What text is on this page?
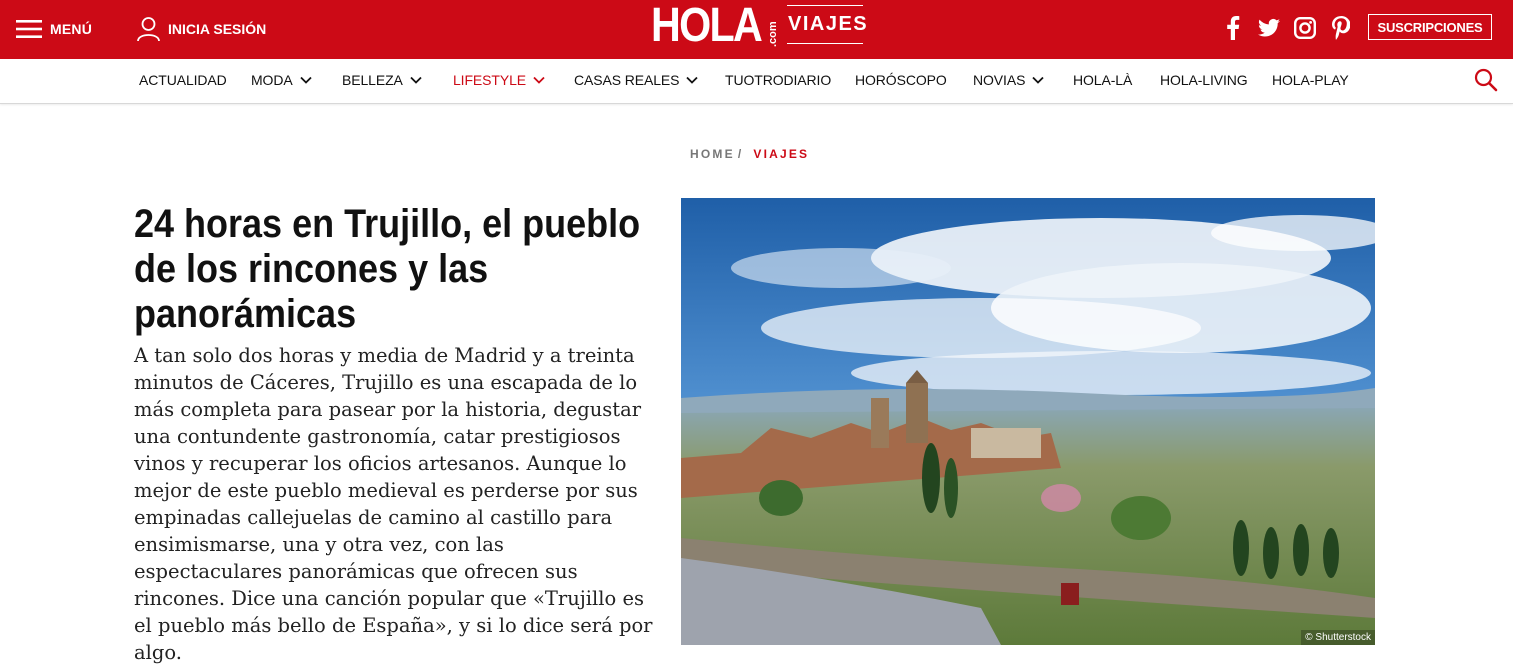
MENÚ	INICIA SESIÓN	HOLA .com VIAJES	SUSCRIPCIONES
ACTUALIDAD MODA	BELLEZA	LIFESTYLE	CASAS REALES	TUOTRODIARIO HORÓSCOPO NOVIAS	HOLA-LÀ HOLA-LIVING HOLA-PLAY
HOME / VIAJES
24 horas en Trujillo, el pueblo de los rincones y las panorámicas

A tan solo dos horas y media de Madrid y a treinta minutos de Cáceres, Trujillo es una escapada de lo más completa para pasear por la historia, degustar una contundente gastronomía, catar prestigiosos vinos y recuperar los oficios artesanos. Aunque lo mejor de este pueblo medieval es perderse por sus empinadas callejuelas de camino al castillo para ensimismarse, una y otra vez, con las espectaculares panorámicas que ofrecen sus rincones. Dice una canción popular que «Trujillo es el pueblo más bello de España», y si lo dice será por algo.

© Shutterstock
